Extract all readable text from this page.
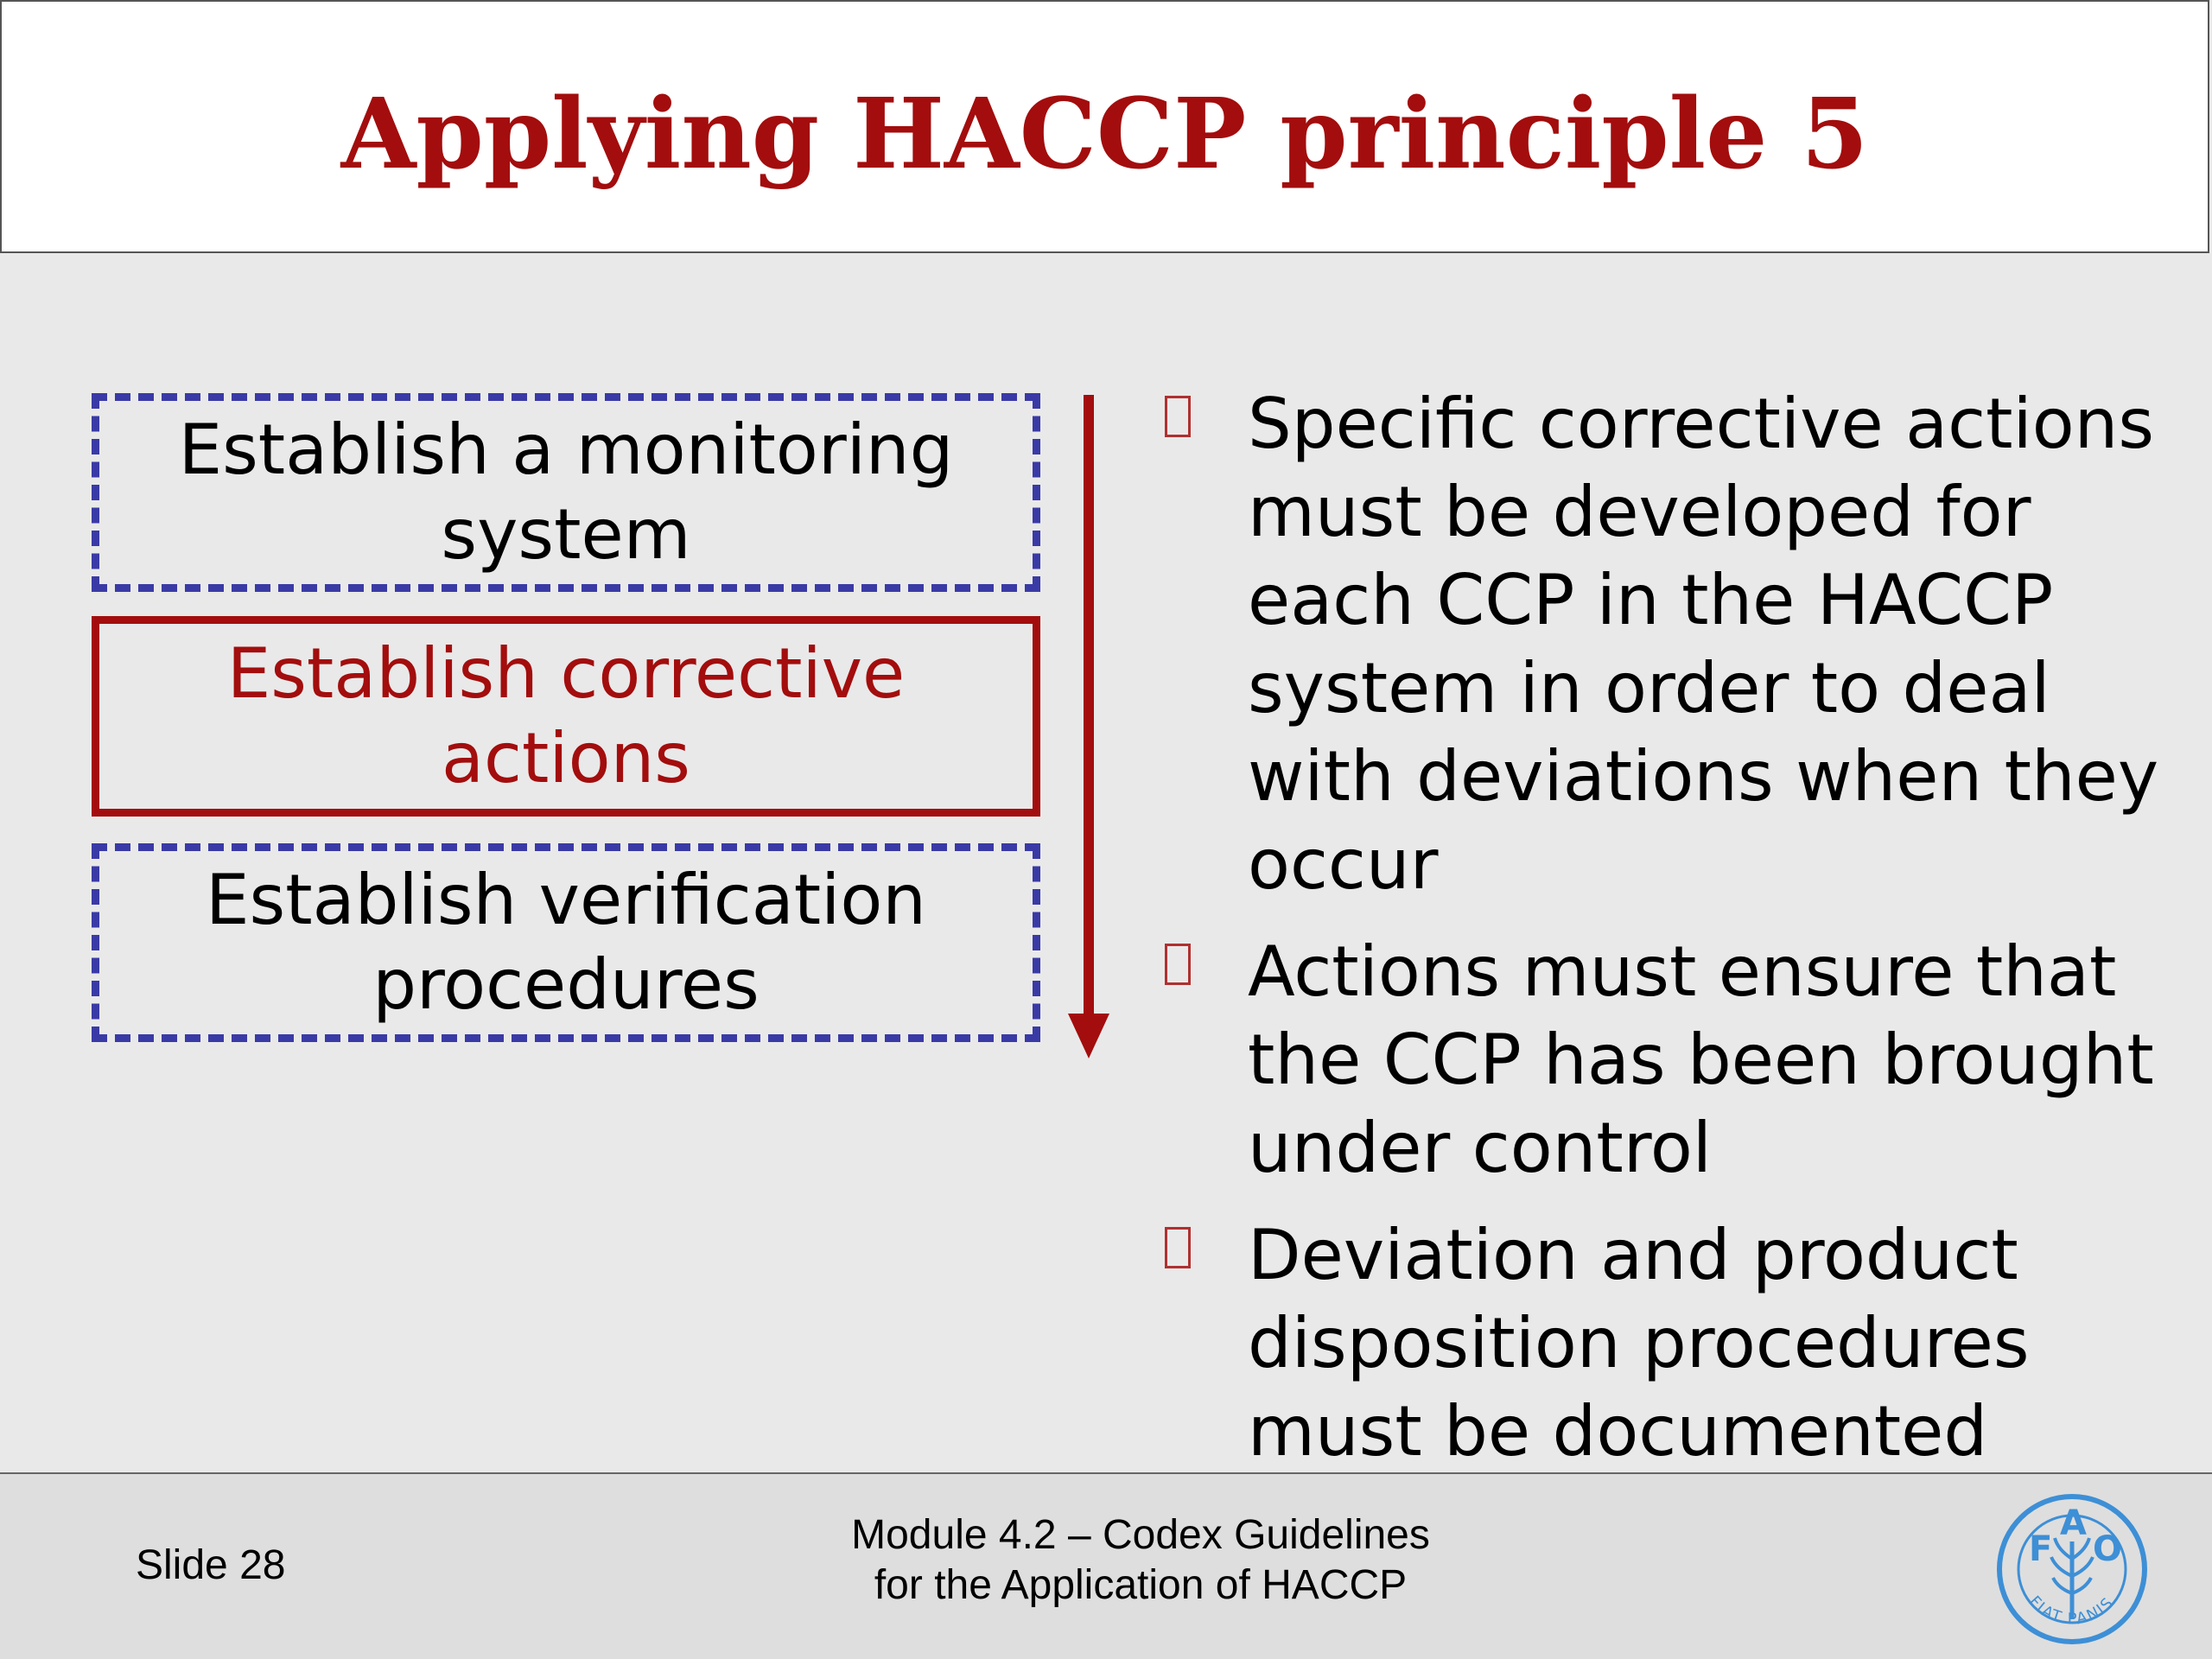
Applying HACCP principle 5
Establish a monitoring system
Establish corrective actions
Establish verification procedures
Specific corrective actions must be developed for each CCP in the HACCP system in order to deal with deviations when they occur
Actions must ensure that the CCP has been brought under control
Deviation and product disposition procedures must be documented
Slide 28
Module 4.2 – Codex Guidelines
for the Application of HACCP
F
A
O
FIAT PANIS
